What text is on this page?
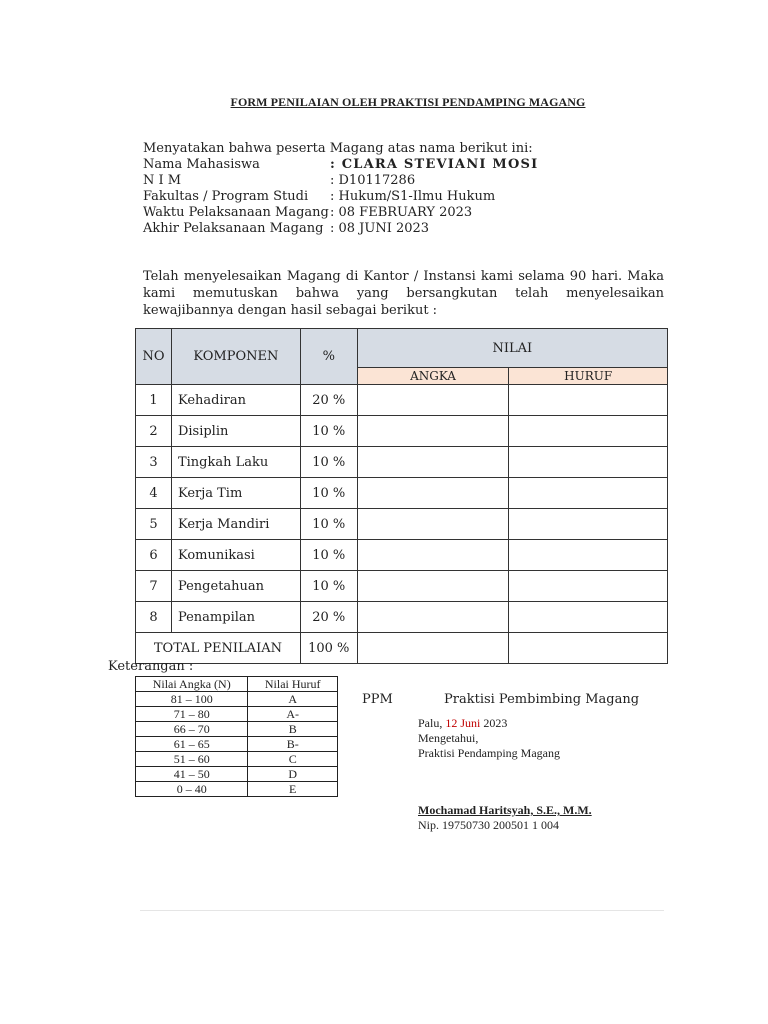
FORM PENILAIAN OLEH PRAKTISI PENDAMPING MAGANG
Menyatakan bahwa peserta Magang atas nama berikut ini:
Nama Mahasiswa	: CLARA STEVIANI MOSI
N I M	: D10117286
Fakultas / Program Studi : Hukum/S1-Ilmu Hukum
Waktu Pelaksanaan Magang : 08 FEBRUARY 2023
Akhir Pelaksanaan Magang : 08 JUNI 2023
Telah menyelesaikan Magang di Kantor / Instansi kami selama 90 hari. Maka kami memutuskan bahwa yang bersangkutan telah menyelesaikan kewajibannya dengan hasil sebagai berikut :
NO	KOMPONEN	%	NILAI	
			ANGKA	HURUF
1	Kehadiran	20 %		
2	Disiplin	10 %		
3	Tingkah Laku	10 %		
4	Kerja Tim	10 %		
5	Kerja Mandiri	10 %		
6	Komunikasi	10 %		
7	Pengetahuan	10 %		
8	Penampilan	20 %		
TOTAL PENILAIAN		100 %		
Keterangan :
Nilai Angka (N)	Nilai Huruf
81 – 100	A
71 – 80	A-
66 – 70	B
61 – 65	B-
51 – 60	C
41 – 50	D
0 – 40	E
PPM	Praktisi Pembimbing Magang
Palu, 12 Juni 2023
Mengetahui,
Praktisi Pendamping Magang
Mochamad Haritsyah, S.E., M.M.
Nip. 19750730 200501 1 004
